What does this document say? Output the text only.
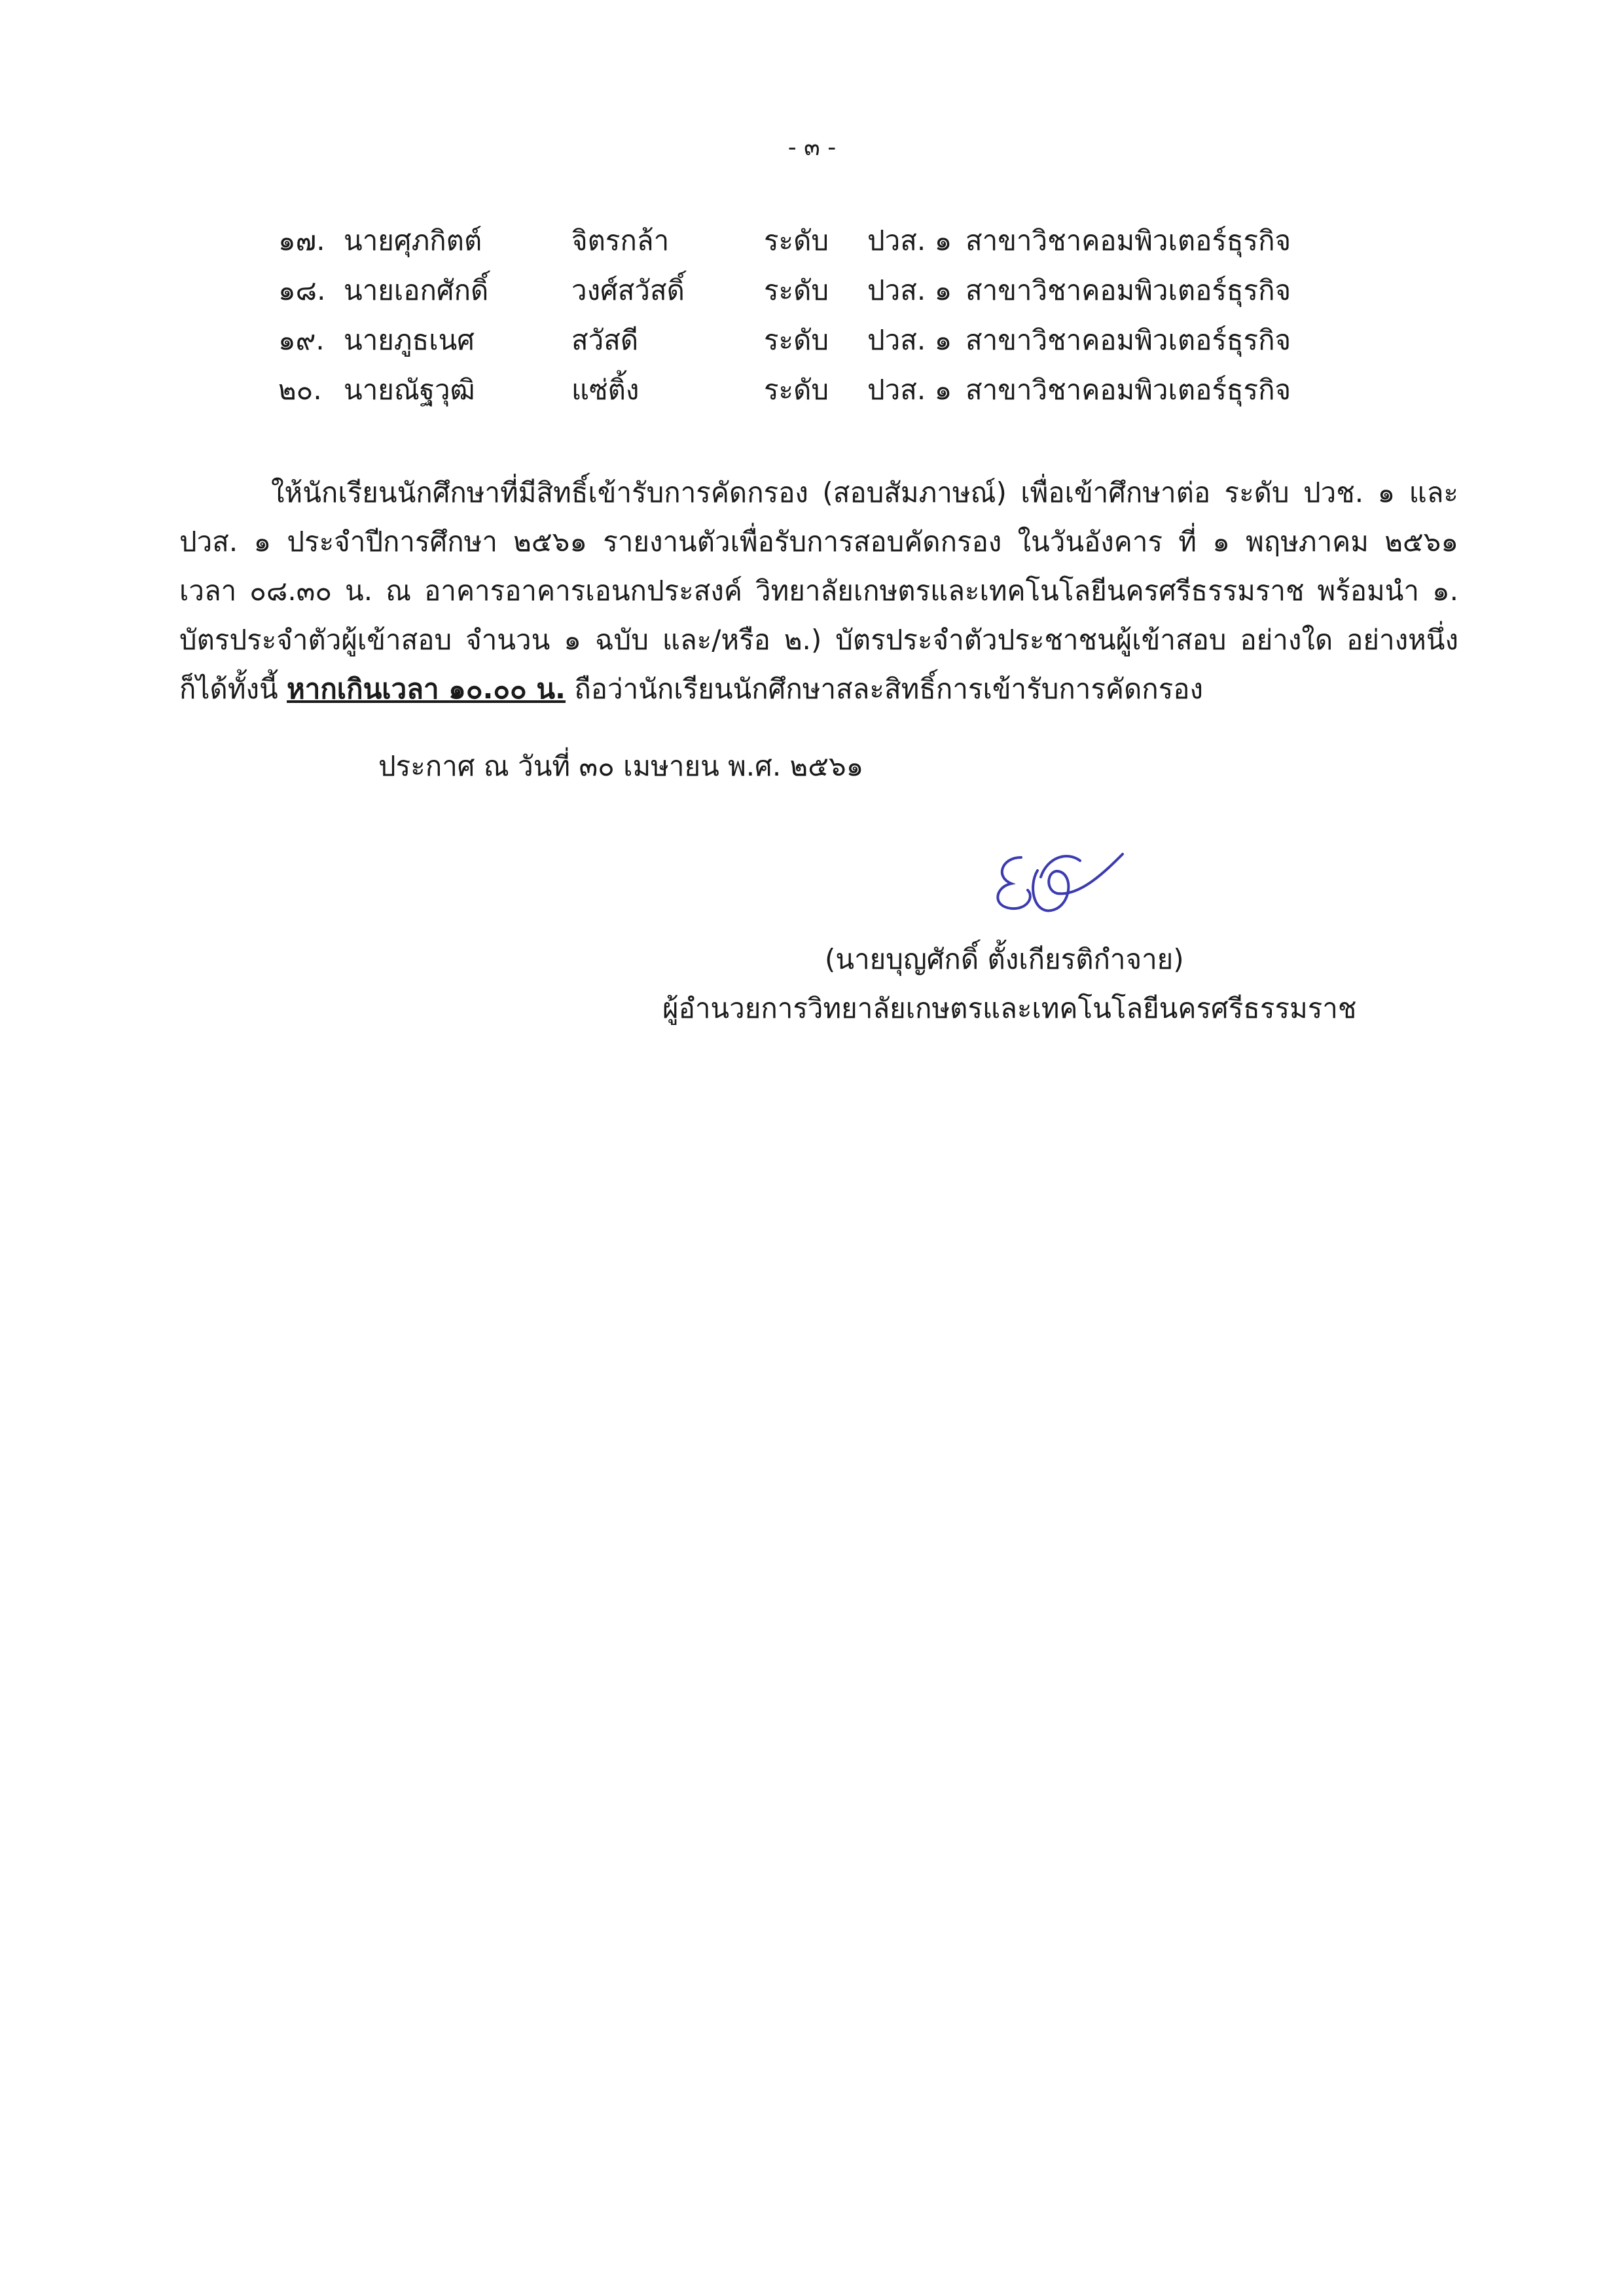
- ๓ -
๑๗. นายศุภกิตต์	จิตรกล้า	ระดับ ปวส. ๑ สาขาวิชาคอมพิวเตอร์ธุรกิจ
๑๘. นายเอกศักดิ์	วงศ์สวัสดิ์	ระดับ ปวส. ๑ สาขาวิชาคอมพิวเตอร์ธุรกิจ
๑๙. นายภูธเนศ	สวัสดี	ระดับ ปวส. ๑ สาขาวิชาคอมพิวเตอร์ธุรกิจ
๒๐. นายณัฐวุฒิ	แซ่ติ้ง	ระดับ ปวส. ๑ สาขาวิชาคอมพิวเตอร์ธุรกิจ

ให้นักเรียนนักศึกษาที่มีสิทธิ์เข้ารับการคัดกรอง (สอบสัมภาษณ์) เพื่อเข้าศึกษาต่อ ระดับ ปวช. ๑ และ ปวส. ๑ ประจำปีการศึกษา ๒๕๖๑ รายงานตัวเพื่อรับการสอบคัดกรอง ในวันอังคาร ที่ ๑ พฤษภาคม ๒๕๖๑ เวลา ๐๘.๓๐ น. ณ อาคารอาคารเอนกประสงค์ วิทยาลัยเกษตรและเทคโนโลยีนครศรีธรรมราช พร้อมนำ ๑. บัตรประจำตัวผู้เข้าสอบ จำนวน ๑ ฉบับ และ/หรือ ๒.) บัตรประจำตัวประชาชนผู้เข้าสอบ อย่างใด อย่างหนึ่งก็ได้ทั้งนี้ หากเกินเวลา ๑๐.๐๐ น. ถือว่านักเรียนนักศึกษาสละสิทธิ์การเข้ารับการคัดกรอง

ประกาศ ณ วันที่ ๓๐ เมษายน พ.ศ. ๒๕๖๑
(นายบุญศักดิ์ ตั้งเกียรติกำจาย)
ผู้อำนวยการวิทยาลัยเกษตรและเทคโนโลยีนครศรีธรรมราช
